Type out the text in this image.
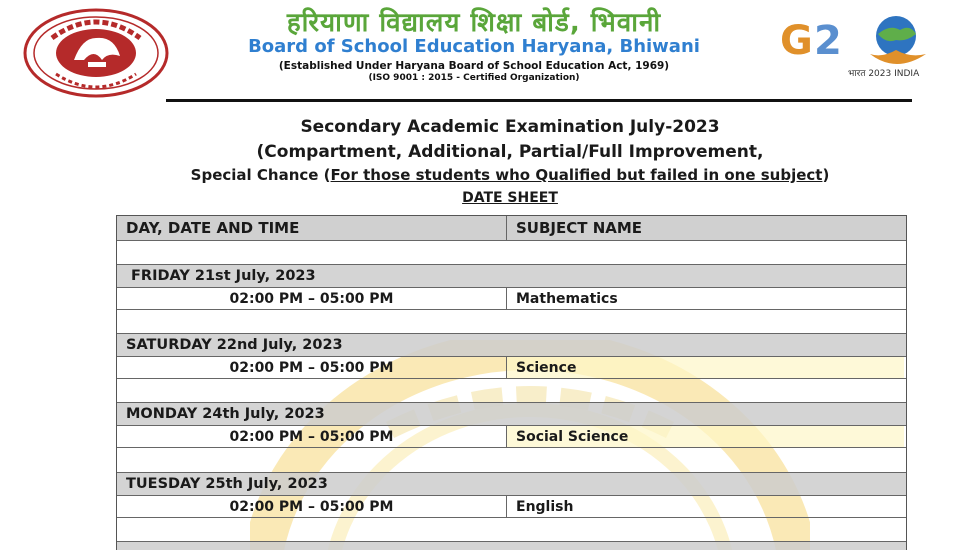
हरियाणा विद्यालय शिक्षा बोर्ड, भिवानी
Board of School Education Haryana, Bhiwani
(Established Under Haryana Board of School Education Act, 1969)
(ISO 9001 : 2015 - Certified Organization)
G 2
भारत 2023 INDIA
Secondary Academic Examination July-2023
(Compartment, Additional, Partial/Full Improvement,
Special Chance (For those students who Qualified but failed in one subject)
DATE SHEET
DAY, DATE AND TIME	SUBJECT NAME
FRIDAY 21st July, 2023
02:00 PM – 05:00 PM	Mathematics
SATURDAY 22nd July, 2023
02:00 PM – 05:00 PM	Science
MONDAY 24th July, 2023
02:00 PM – 05:00 PM	Social Science
TUESDAY 25th July, 2023
02:00 PM – 05:00 PM	English
